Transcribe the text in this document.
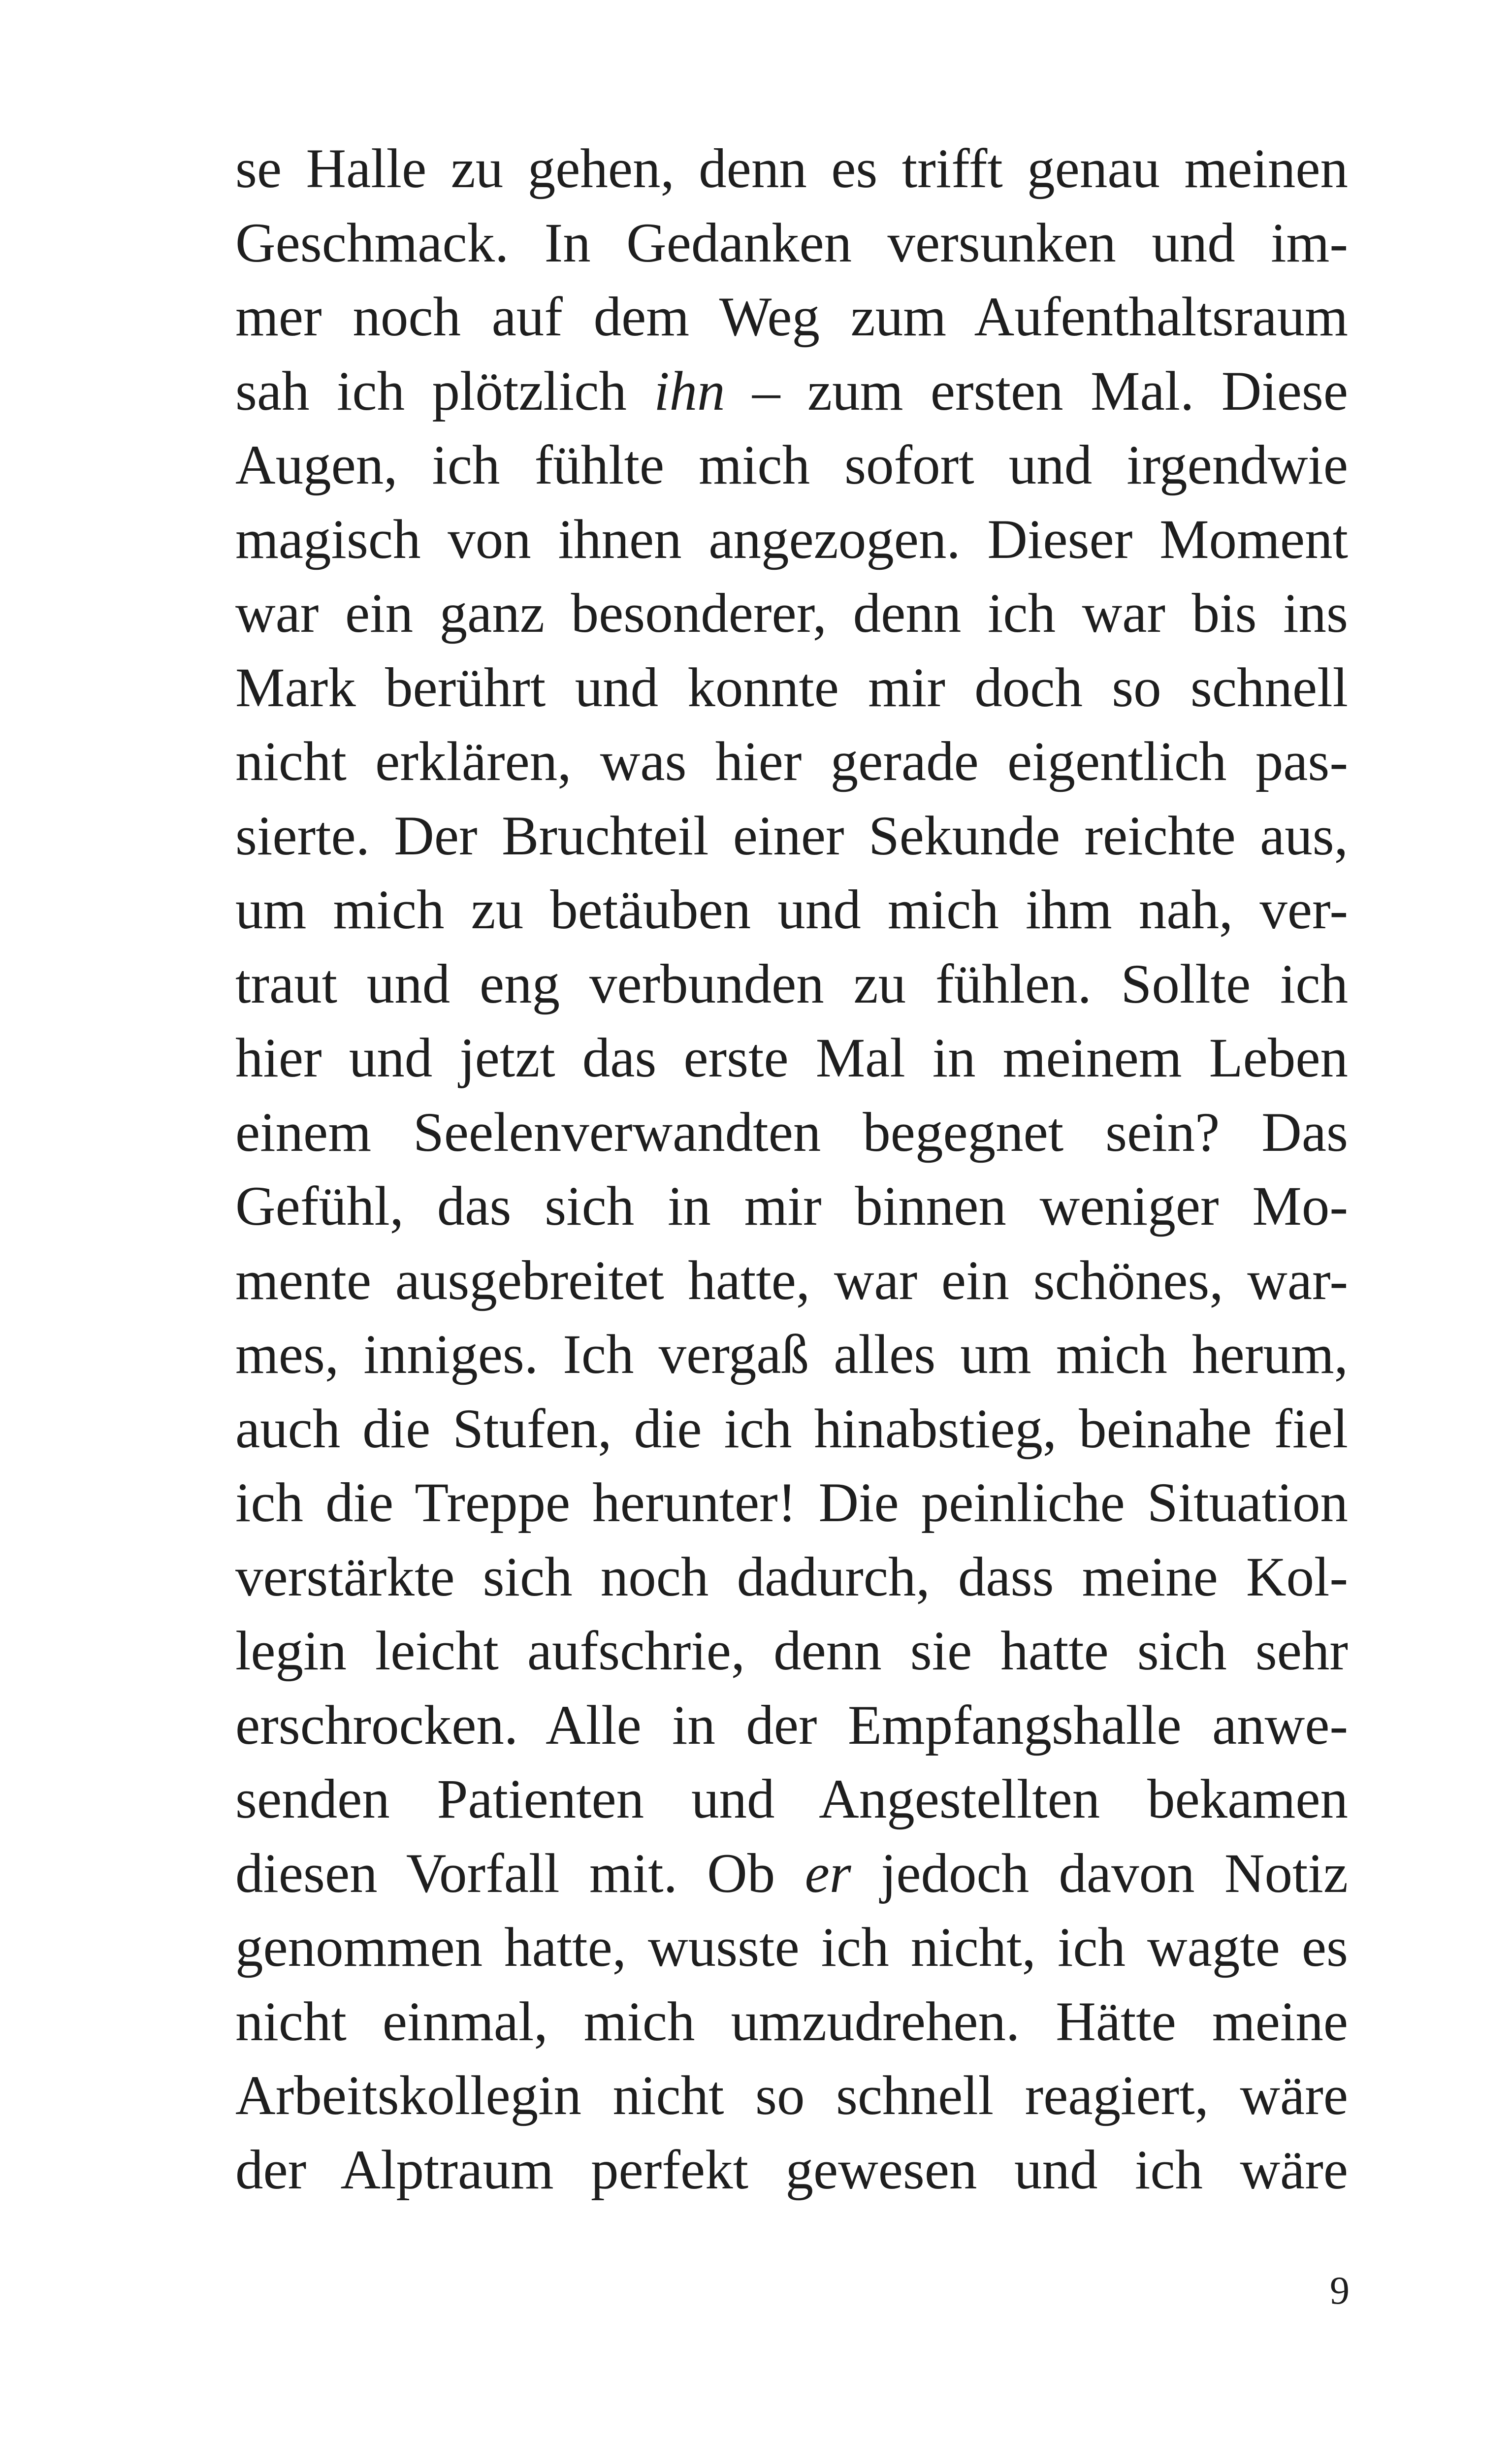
se Halle zu gehen, denn es trifft genau meinen
Geschmack. In Gedanken versunken und im-
mer noch auf dem Weg zum Aufenthaltsraum
sah ich plötzlich ihn – zum ersten Mal. Diese
Augen, ich fühlte mich sofort und irgendwie
magisch von ihnen angezogen. Dieser Moment
war ein ganz besonderer, denn ich war bis ins
Mark berührt und konnte mir doch so schnell
nicht erklären, was hier gerade eigentlich pas-
sierte. Der Bruchteil einer Sekunde reichte aus,
um mich zu betäuben und mich ihm nah, ver-
traut und eng verbunden zu fühlen. Sollte ich
hier und jetzt das erste Mal in meinem Leben
einem Seelenverwandten begegnet sein? Das
Gefühl, das sich in mir binnen weniger Mo-
mente ausgebreitet hatte, war ein schönes, war-
mes, inniges. Ich vergaß alles um mich herum,
auch die Stufen, die ich hinabstieg, beinahe fiel
ich die Treppe herunter! Die peinliche Situation
verstärkte sich noch dadurch, dass meine Kol-
legin leicht aufschrie, denn sie hatte sich sehr
erschrocken. Alle in der Empfangshalle anwe-
senden Patienten und Angestellten bekamen
diesen Vorfall mit. Ob er jedoch davon Notiz
genommen hatte, wusste ich nicht, ich wagte es
nicht einmal, mich umzudrehen. Hätte meine
Arbeitskollegin nicht so schnell reagiert, wäre
der Alptraum perfekt gewesen und ich wäre
9
